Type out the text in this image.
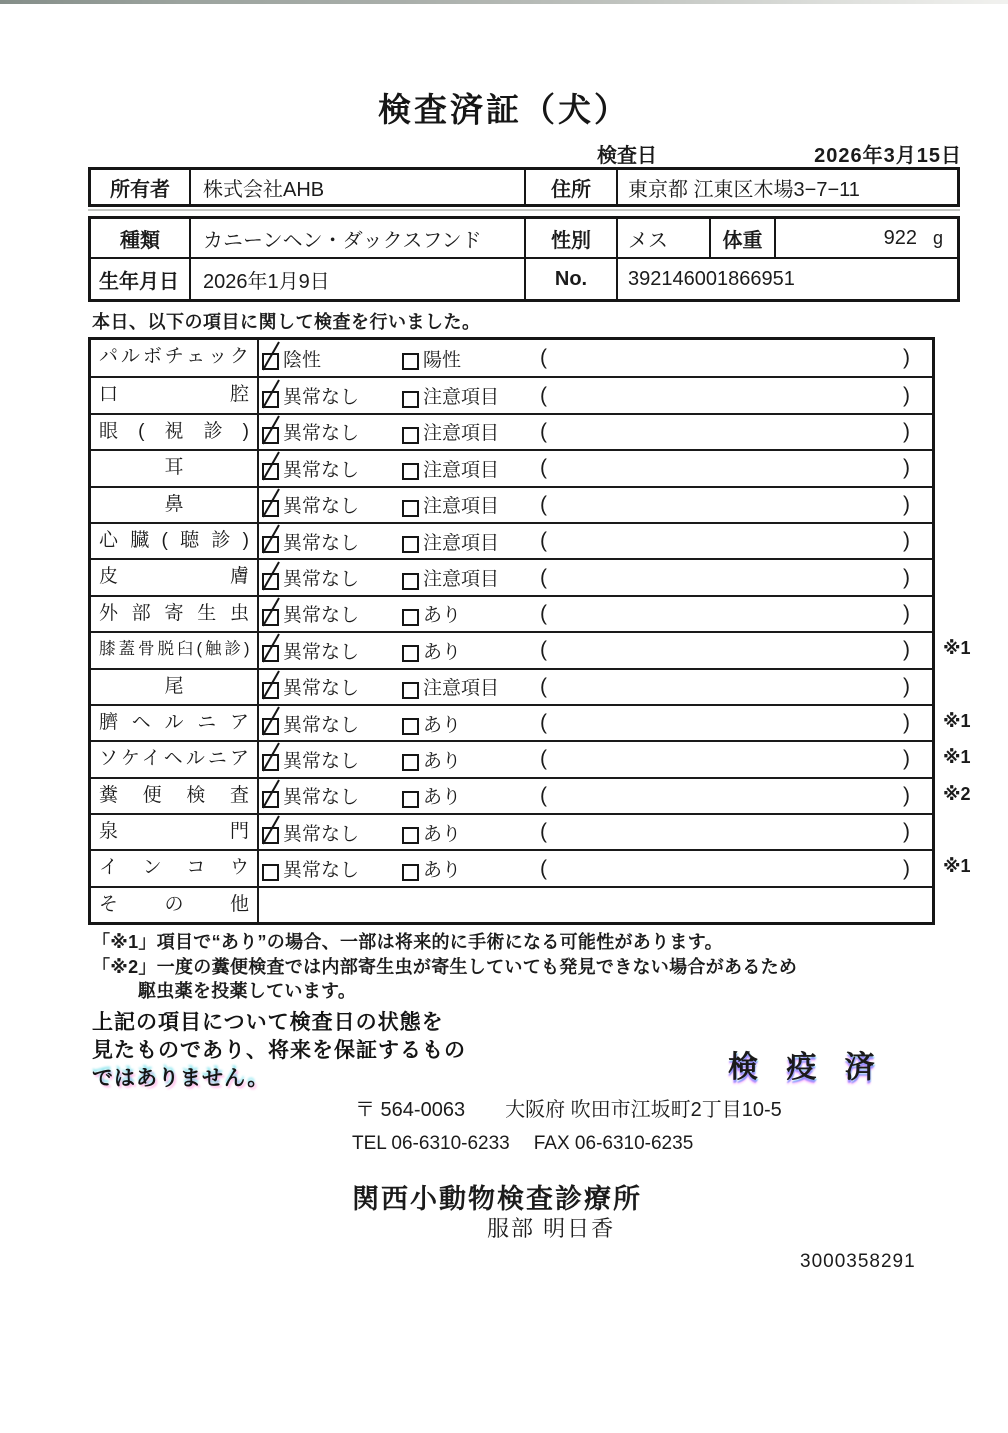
検査済証（犬）
検査日	2026年3月15日
所有者	株式会社AHB	住所	東京都 江東区木場3−7−11
種類	カニーンヘン・ダックスフンド	性別	メス	体重	922 g
生年月日	2026年1月9日	No.	392146001866951
本日、以下の項目に関して検査を行いました。
パルボチェック	陰性	陽性	(	)
口腔	異常なし	注意項目 (	)
眼(視診)	異常なし	注意項目 (	)
耳	異常なし	注意項目 (	)
鼻	異常なし	注意項目 (	)
心臓(聴診)	異常なし	注意項目 (	)
皮膚	異常なし	注意項目 (	)
外部寄生虫	異常なし	あり	(	)
膝蓋骨脱臼(触診)	異常なし	あり	(	) ※1
尾	異常なし	注意項目 (	)
臍ヘルニア	異常なし	あり	(	) ※1
ソケイヘルニア	異常なし	あり	(	) ※1
糞便検査	異常なし	あり	(	) ※2
泉門	異常なし	あり	(	)
インコウ	異常なし	あり	(	) ※1
その他
「※1」項目で“あり”の場合、一部は将来的に手術になる可能性があります。
「※2」一度の糞便検査では内部寄生虫が寄生していても発見できない場合があるため
駆虫薬を投薬しています。
上記の項目について検査日の状態を
見たものであり、将来を保証するもの
ではありません。	検 疫 済
〒 564-0063 大阪府 吹田市江坂町2丁目10-5
TEL 06-6310-6233 FAX 06-6310-6235
関西小動物検査診療所
服部 明日香
3000358291
